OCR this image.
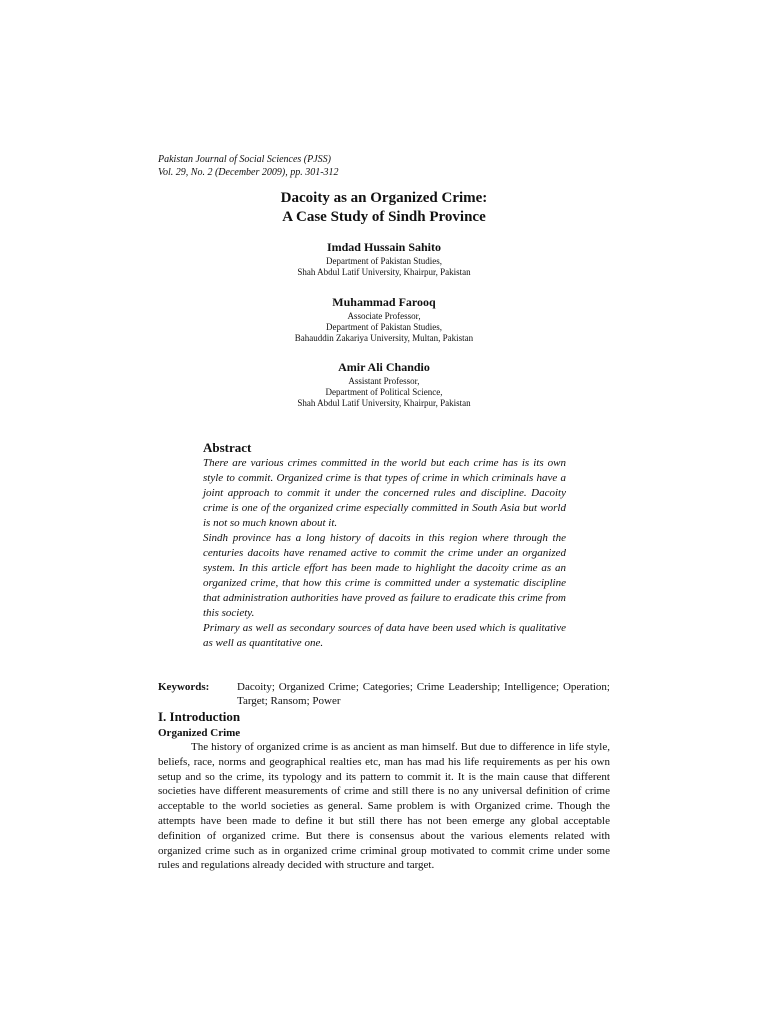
Pakistan Journal of Social Sciences (PJSS)
Vol. 29, No. 2 (December 2009), pp. 301-312
Dacoity as an Organized Crime:
A Case Study of Sindh Province
Imdad Hussain Sahito
Department of Pakistan Studies,
Shah Abdul Latif University, Khairpur, Pakistan
Muhammad Farooq
Associate Professor,
Department of Pakistan Studies,
Bahauddin Zakariya University, Multan, Pakistan
Amir Ali Chandio
Assistant Professor,
Department of Political Science,
Shah Abdul Latif University, Khairpur, Pakistan
Abstract

There are various crimes committed in the world but each crime has is its own style to commit. Organized crime is that types of crime in which criminals have a joint approach to commit it under the concerned rules and discipline. Dacoity crime is one of the organized crime especially committed in South Asia but world is not so much known about it.

Sindh province has a long history of dacoits in this region where through the centuries dacoits have renamed active to commit the crime under an organized system. In this article effort has been made to highlight the dacoity crime as an organized crime, that how this crime is committed under a systematic discipline that administration authorities have proved as failure to eradicate this crime from this society.

Primary as well as secondary sources of data have been used which is qualitative as well as quantitative one.

Keywords:	Dacoity; Organized Crime; Categories; Crime Leadership; Intelligence; Operation; Target; Ransom; Power
I. Introduction
Organized Crime

The history of organized crime is as ancient as man himself. But due to difference in life style, beliefs, race, norms and geographical realties etc, man has mad his life requirements as per his own setup and so the crime, its typology and its pattern to commit it. It is the main cause that different societies have different measurements of crime and still there is no any universal definition of crime acceptable to the world societies as general. Same problem is with Organized crime. Though the attempts have been made to define it but still there has not been emerge any global acceptable definition of organized crime. But there is consensus about the various elements related with organized crime such as in organized crime criminal group motivated to commit crime under some rules and regulations already decided with structure and target.
